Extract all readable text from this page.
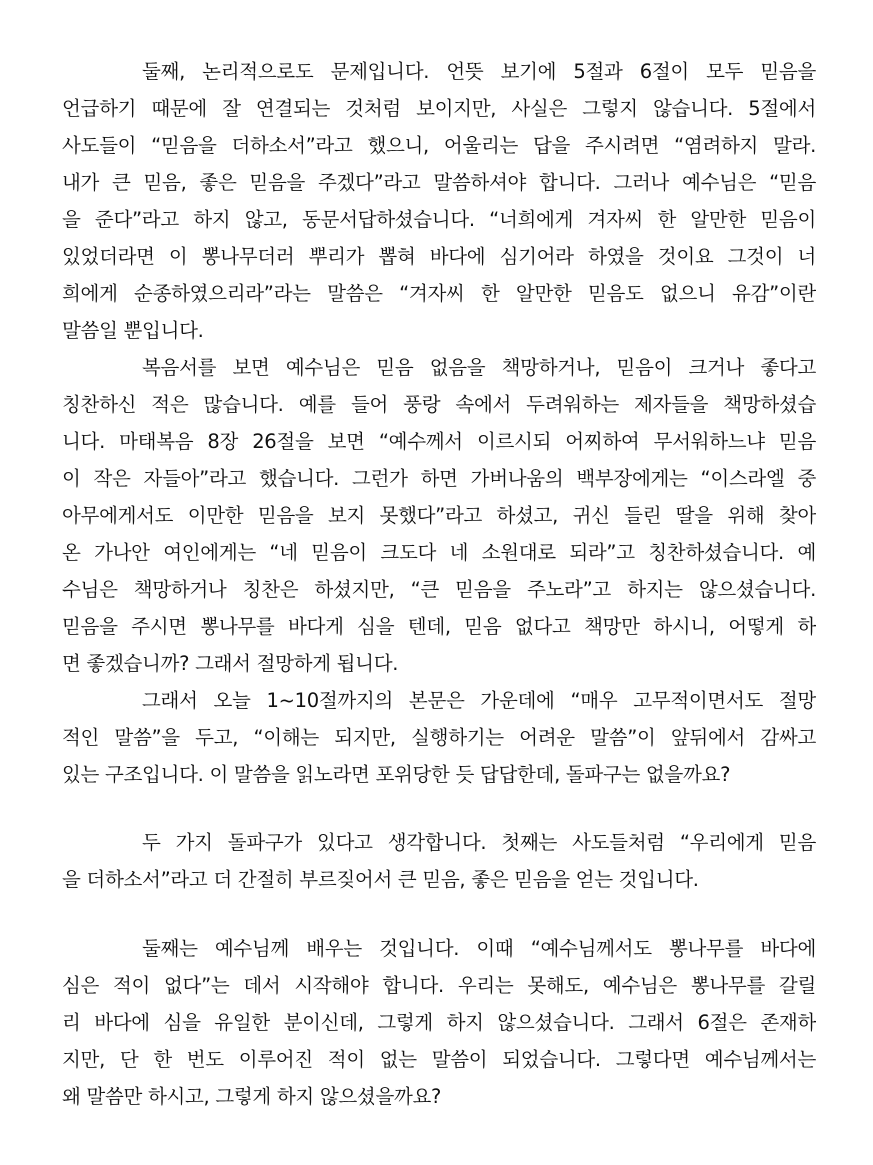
둘째, 논리적으로도 문제입니다. 언뜻 보기에 5절과 6절이 모두 믿음을
언급하기 때문에 잘 연결되는 것처럼 보이지만, 사실은 그렇지 않습니다. 5절에서
사도들이 “믿음을 더하소서”라고 했으니, 어울리는 답을 주시려면 “염려하지 말라.
내가 큰 믿음, 좋은 믿음을 주겠다”라고 말씀하셔야 합니다. 그러나 예수님은 “믿음
을 준다”라고 하지 않고, 동문서답하셨습니다. “너희에게 겨자씨 한 알만한 믿음이
있었더라면 이 뽕나무더러 뿌리가 뽑혀 바다에 심기어라 하였을 것이요 그것이 너
희에게 순종하였으리라”라는 말씀은 “겨자씨 한 알만한 믿음도 없으니 유감”이란
말씀일 뿐입니다.
복음서를 보면 예수님은 믿음 없음을 책망하거나, 믿음이 크거나 좋다고
칭찬하신 적은 많습니다. 예를 들어 풍랑 속에서 두려워하는 제자들을 책망하셨습
니다. 마태복음 8장 26절을 보면 “예수께서 이르시되 어찌하여 무서워하느냐 믿음
이 작은 자들아”라고 했습니다. 그런가 하면 가버나움의 백부장에게는 “이스라엘 중
아무에게서도 이만한 믿음을 보지 못했다”라고 하셨고, 귀신 들린 딸을 위해 찾아
온 가나안 여인에게는 “네 믿음이 크도다 네 소원대로 되라”고 칭찬하셨습니다. 예
수님은 책망하거나 칭찬은 하셨지만, “큰 믿음을 주노라”고 하지는 않으셨습니다.
믿음을 주시면 뽕나무를 바다게 심을 텐데, 믿음 없다고 책망만 하시니, 어떻게 하
면 좋겠습니까? 그래서 절망하게 됩니다.
그래서 오늘 1~10절까지의 본문은 가운데에 “매우 고무적이면서도 절망
적인 말씀”을 두고, “이해는 되지만, 실행하기는 어려운 말씀”이 앞뒤에서 감싸고
있는 구조입니다. 이 말씀을 읽노라면 포위당한 듯 답답한데, 돌파구는 없을까요?
두 가지 돌파구가 있다고 생각합니다. 첫째는 사도들처럼 “우리에게 믿음
을 더하소서”라고 더 간절히 부르짖어서 큰 믿음, 좋은 믿음을 얻는 것입니다.
둘째는 예수님께 배우는 것입니다. 이때 “예수님께서도 뽕나무를 바다에
심은 적이 없다”는 데서 시작해야 합니다. 우리는 못해도, 예수님은 뽕나무를 갈릴
리 바다에 심을 유일한 분이신데, 그렇게 하지 않으셨습니다. 그래서 6절은 존재하
지만, 단 한 번도 이루어진 적이 없는 말씀이 되었습니다. 그렇다면 예수님께서는
왜 말씀만 하시고, 그렇게 하지 않으셨을까요?
